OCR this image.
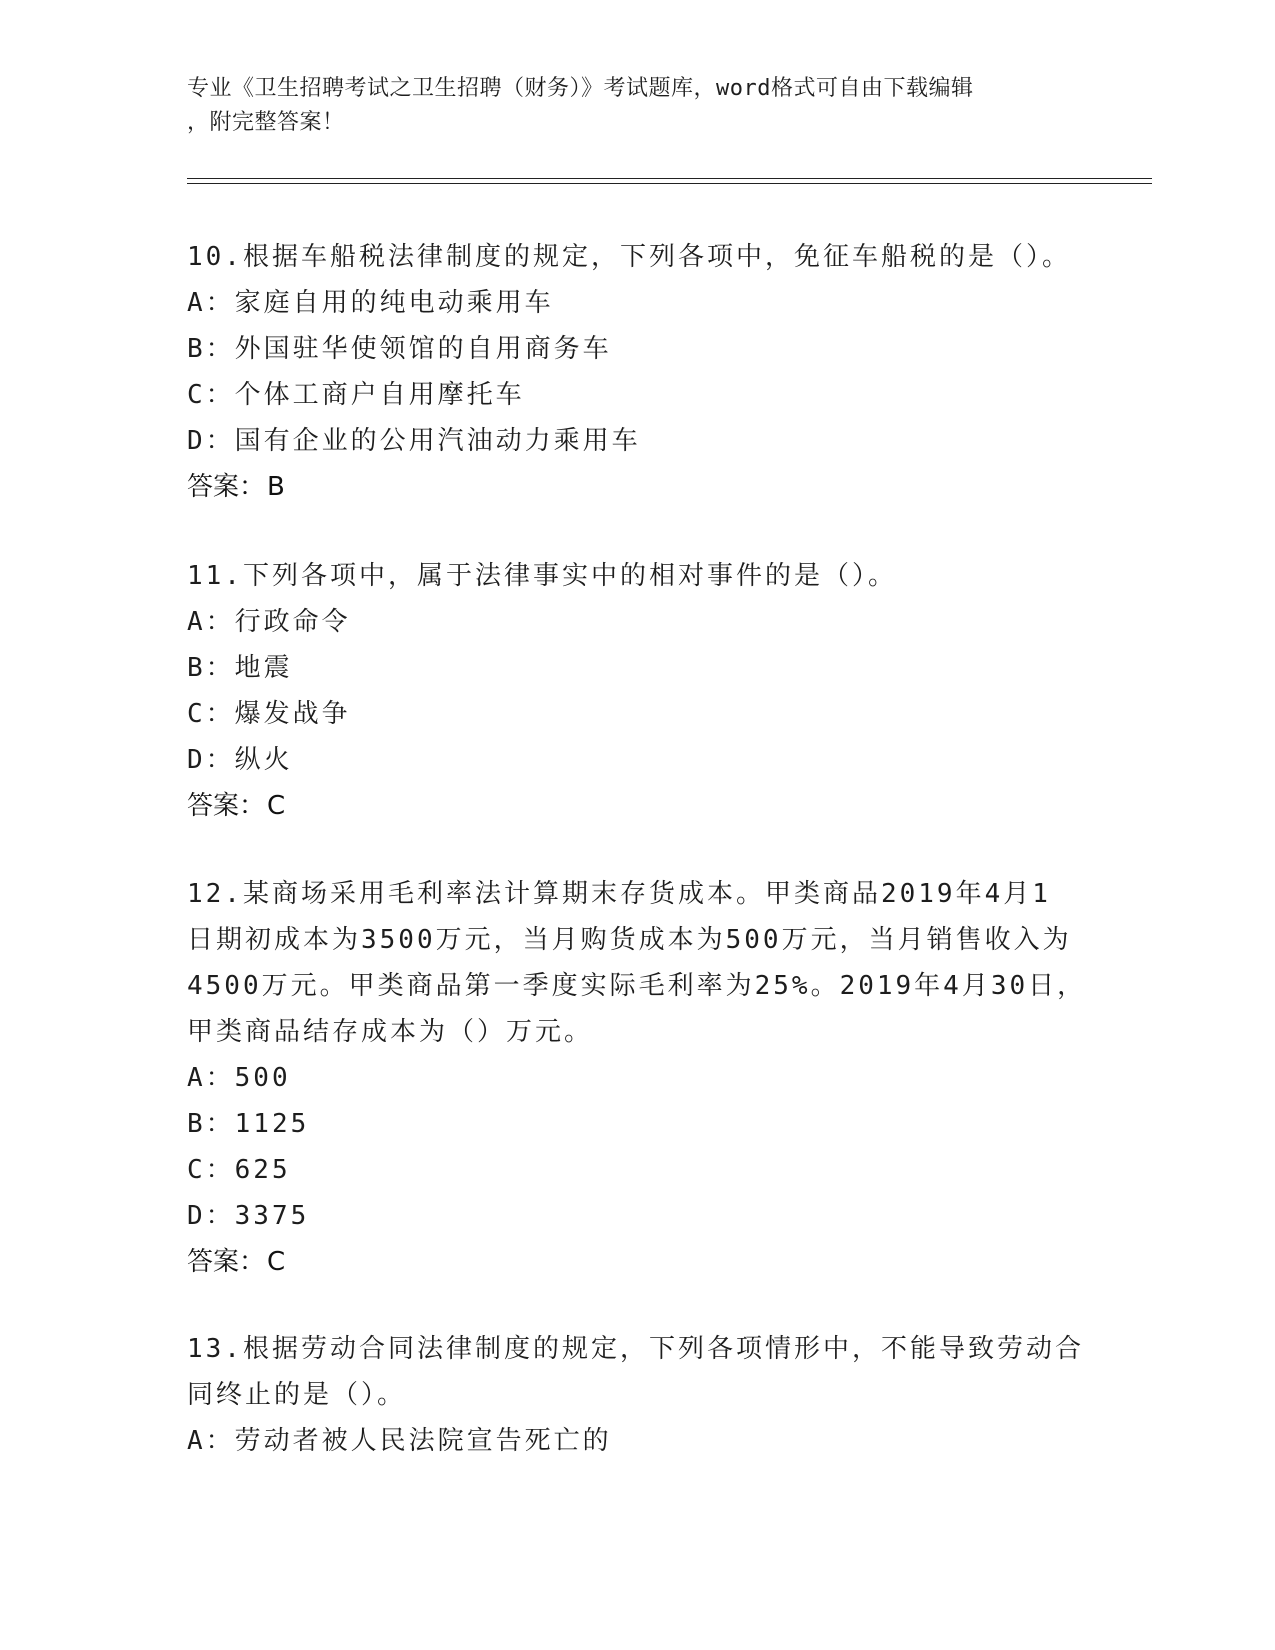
专业《卫生招聘考试之卫生招聘（财务）》考试题库，word格式可自由下载编辑
，附完整答案！
10.根据车船税法律制度的规定，下列各项中，免征车船税的是（）。
A：家庭自用的纯电动乘用车
B：外国驻华使领馆的自用商务车
C：个体工商户自用摩托车
D：国有企业的公用汽油动力乘用车
答案：B
11.下列各项中，属于法律事实中的相对事件的是（）。
A：行政命令
B：地震
C：爆发战争
D：纵火
答案：C
12.某商场采用毛利率法计算期末存货成本。甲类商品2019年4月1
日期初成本为3500万元，当月购货成本为500万元，当月销售收入为
4500万元。甲类商品第一季度实际毛利率为25%。2019年4月30日，
甲类商品结存成本为（）万元。
A：500
B：1125
C：625
D：3375
答案：C
13.根据劳动合同法律制度的规定，下列各项情形中，不能导致劳动合
同终止的是（）。
A：劳动者被人民法院宣告死亡的
